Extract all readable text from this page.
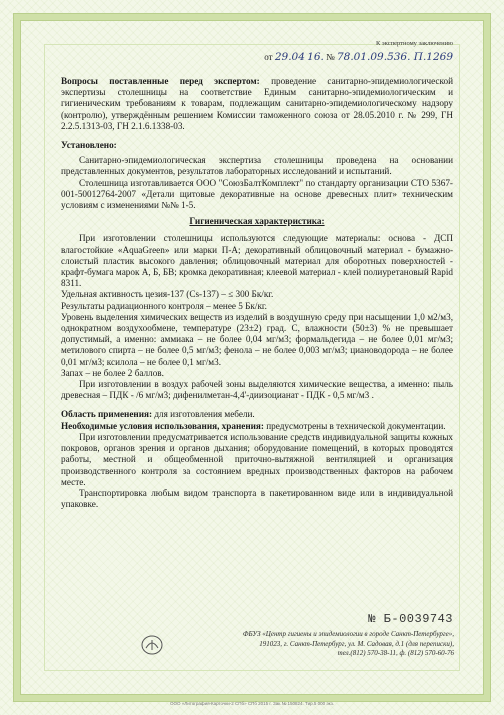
К экспертному заключению
от 29.04 16. № 78.01.09.536. П.1269

Вопросы поставленные перед экспертом: проведение санитарно-эпидемиологической экспертизы столешницы на соответствие Единым санитарно-эпидемиологическим и гигиеническим требованиям к товарам, подлежащим санитарно-эпидемиологическому надзору (контролю), утверждённым решением Комиссии таможенного союза от 28.05.2010 г. № 299, ГН 2.2.5.1313-03, ГН 2.1.6.1338-03.

Установлено:

Санитарно-эпидемиологическая экспертиза столешницы проведена на основании представленных документов, результатов лабораторных исследований и испытаний.

Столешница изготавливается ООО "СоюзБалтКомплект" по стандарту организации СТО 5367-001-50012764-2007 «Детали щитовые декоративные на основе древесных плит» техническим условиям с изменениями №№ 1-5.

Гигиеническая характеристика:

При изготовлении столешницы используются следующие материалы: основа - ДСП влагостойкие «AquaGreen» или марки П-А; декоративный облицовочный материал - бумажно-слоистый пластик высокого давления; облицовочный материал для оборотных поверхностей - крафт-бумага марок А, Б, БВ; кромка декоративная; клеевой материал - клей полиуретановый Rapid 8311.

Удельная активность цезия-137 (Cs-137) – ≤ 300 Бк/кг.

Результаты радиационного контроля – менее 5 Бк/кг.

Уровень выделения химических веществ из изделий в воздушную среду при насыщении 1,0 м2/м3, однократном воздухообмене, температуре (23±2) град. С, влажности (50±3) % не превышает допустимый, а именно: аммиака – не более 0,04 мг/м3; формальдегида – не более 0,01 мг/м3; метилового спирта – не более 0,5 мг/м3; фенола – не более 0,003 мг/м3; циановодорода – не более 0,01 мг/м3; ксилола – не более 0,1 мг/м3.

Запах – не более 2 баллов.

При изготовлении в воздух рабочей зоны выделяются химические вещества, а именно: пыль древесная – ПДК - /6 мг/м3; дифенилметан-4,4'-диизоцианат - ПДК - 0,5 мг/м3 .

Область применения: для изготовления мебели.

Необходимые условия использования, хранения: предусмотрены в технической документации.

При изготовлении предусматривается использование средств индивидуальной защиты кожных покровов, органов зрения и органов дыхания; оборудование помещений, в которых проводятся работы, местной и общеобменной приточно-вытяжной вентиляцией и организация производственного контроля за состоянием вредных производственных факторов на рабочем месте.

Транспортировка любым видом транспорта в пакетированном виде или в индивидуальной упаковке.

№ Б-0039743
ФБУЗ «Центр гигиены и эпидемиологии в городе Санкт-Петербурге»,
191023, г. Санкт-Петербург, ул. М. Садовая, д.1 (для переписки),
тел.(812) 570-38-11, ф. (812) 570-60-76
ООО «Литография-Карточки-2 СПб» СПб 2015 г. Зак.№ 150824. Тир.5 000 экз.
